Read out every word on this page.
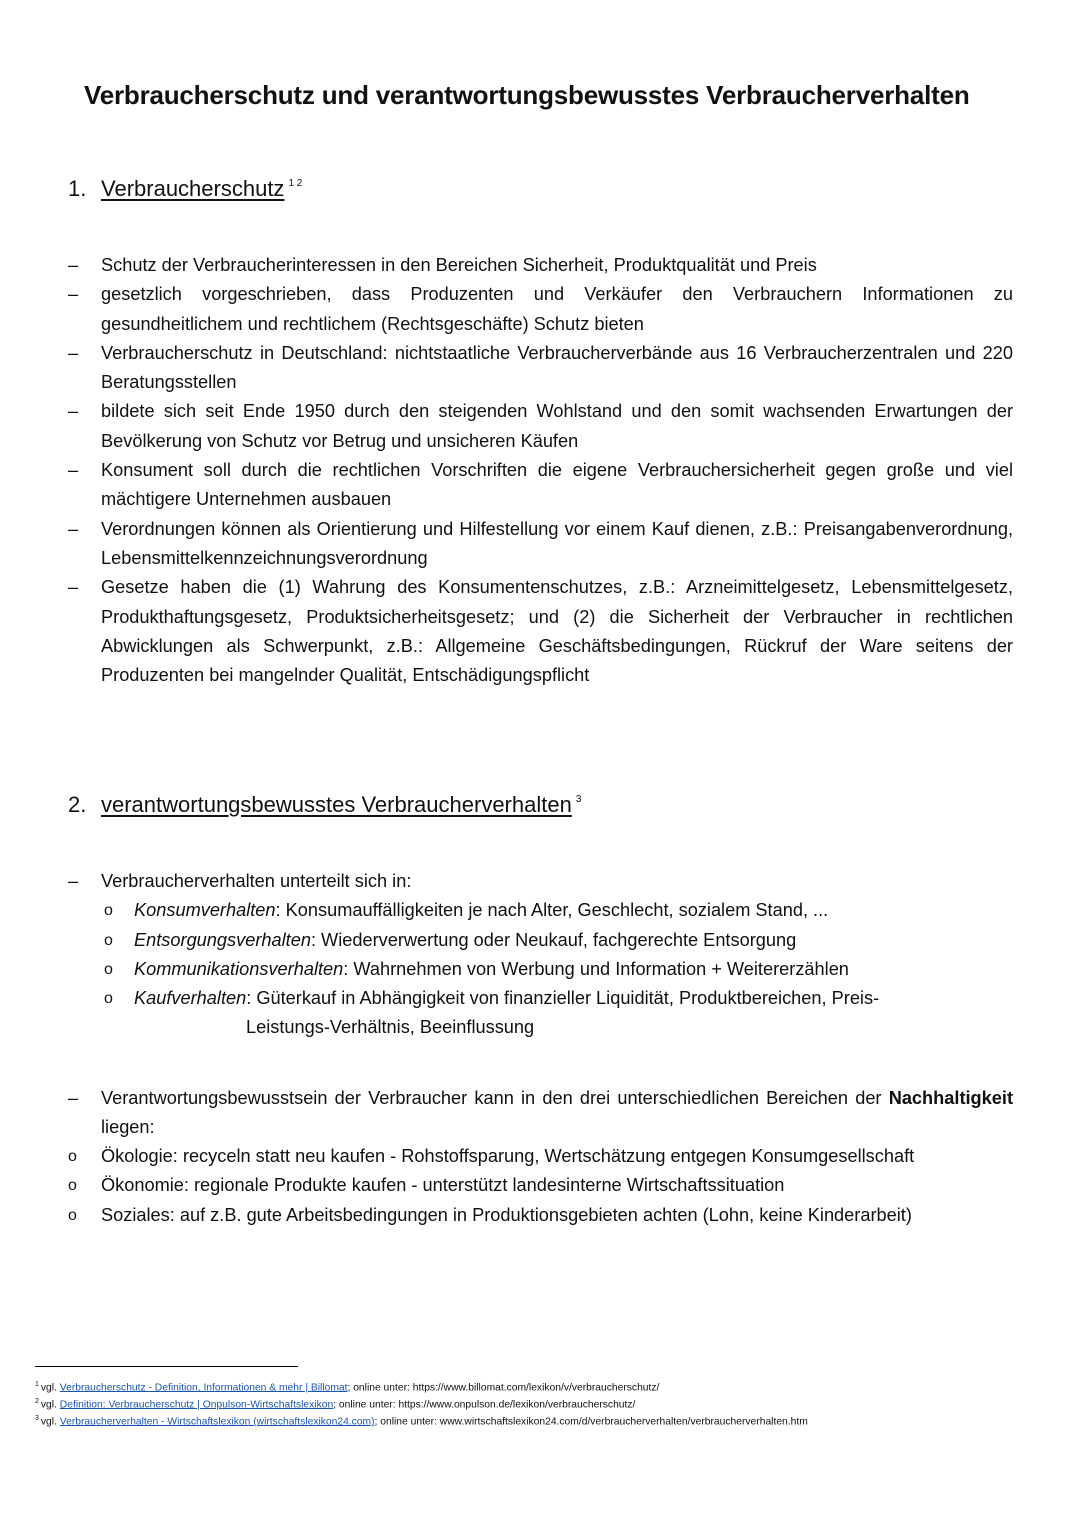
Verbraucherschutz und verantwortungsbewusstes Verbraucherverhalten
1. Verbraucherschutz $^{1 2}$
– Schutz der Verbraucherinteressen in den Bereichen Sicherheit, Produktqualität und Preis
– gesetzlich vorgeschrieben, dass Produzenten und Verkäufer den Verbrauchern Informationen zu gesundheitlichem und rechtlichem (Rechtsgeschäfte) Schutz bieten
– Verbraucherschutz in Deutschland: nichtstaatliche Verbraucherverbände aus 16 Verbraucherzentralen und 220 Beratungsstellen
– bildete sich seit Ende 1950 durch den steigenden Wohlstand und den somit wachsenden Erwartungen der Bevölkerung von Schutz vor Betrug und unsicheren Käufen
– Konsument soll durch die rechtlichen Vorschriften die eigene Verbrauchersicherheit gegen große und viel mächtigere Unternehmen ausbauen
– Verordnungen können als Orientierung und Hilfestellung vor einem Kauf dienen, z.B.: Preisangabenverordnung, Lebensmittelkennzeichnungsverordnung
– Gesetze haben die (1) Wahrung des Konsumentenschutzes, z.B.: Arzneimittelgesetz, Lebensmittelgesetz, Produkthaftungsgesetz, Produktsicherheitsgesetz; und (2) die Sicherheit der Verbraucher in rechtlichen Abwicklungen als Schwerpunkt, z.B.: Allgemeine Geschäftsbedingungen, Rückruf der Ware seitens der Produzenten bei mangelnder Qualität, Entschädigungspflicht
2. verantwortungsbewusstes Verbraucherverhalten $^3$
– Verbraucherverhalten unterteilt sich in:
o Konsumverhalten: Konsumauffälligkeiten je nach Alter, Geschlecht, sozialem Stand, ...
o Entsorgungsverhalten: Wiederverwertung oder Neukauf, fachgerechte Entsorgung
o Kommunikationsverhalten: Wahrnehmen von Werbung und Information + Weitererzählen
o Kaufverhalten: Güterkauf in Abhängigkeit von finanzieller Liquidität, Produktbereichen, Preis-
Leistungs-Verhältnis, Beeinflussung
– Verantwortungsbewusstsein der Verbraucher kann in den drei unterschiedlichen Bereichen der Nachhaltigkeit liegen:
o Ökologie: recyceln statt neu kaufen - Rohstoffsparung, Wertschätzung entgegen Konsumgesellschaft
o Ökonomie: regionale Produkte kaufen - unterstützt landesinterne Wirtschaftssituation
o Soziales: auf z.B. gute Arbeitsbedingungen in Produktionsgebieten achten (Lohn, keine Kinderarbeit)
$^1$ vgl. Verbraucherschutz - Definition, Informationen & mehr | Billomat; online unter: https://www.billomat.com/lexikon/v/verbraucherschutz/
$^2$ vgl. Definition: Verbraucherschutz | Onpulson-Wirtschaftslexikon; online unter: https://www.onpulson.de/lexikon/verbraucherschutz/
$^3$ vgl. Verbraucherverhalten - Wirtschaftslexikon (wirtschaftslexikon24.com); online unter: www.wirtschaftslexikon24.com/d/verbraucherverhalten/verbraucherverhalten.htm
